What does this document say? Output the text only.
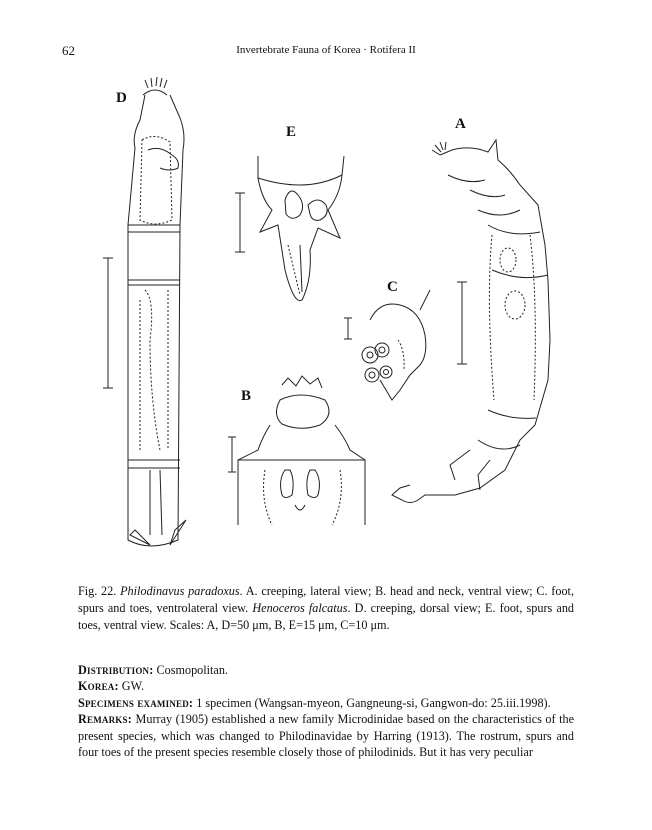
62	Invertebrate Fauna of Korea · Rotifera II
D
E	A
C
B
Fig. 22. Philodinavus paradoxus. A. creeping, lateral view; B. head and neck, ventral view; C. foot, spurs and toes, ventrolateral view. Henoceros falcatus. D. creeping, dorsal view; E. foot, spurs and toes, ventral view. Scales: A, D=50 μm, B, E=15 μm, C=10 μm.

Distribution: Cosmopolitan.

Korea: GW.

Specimens examined: 1 specimen (Wangsan-myeon, Gangneung-si, Gangwon-do: 25.iii.1998).

Remarks: Murray (1905) established a new family Microdinidae based on the characteristics of the present species, which was changed to Philodinavidae by Harring (1913). The rostrum, spurs and four toes of the present species resemble closely those of philodinids. But it has very peculiar
